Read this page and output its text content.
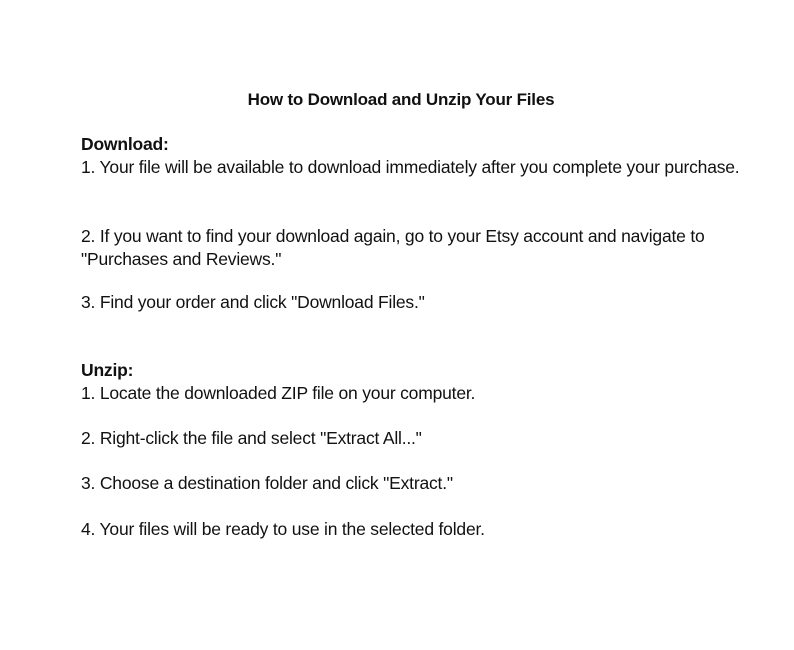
How to Download and Unzip Your Files

Download:

1. Your file will be available to download immediately after you complete your purchase.

2. If you want to find your download again, go to your Etsy account and navigate to "Purchases and Reviews."

3. Find your order and click "Download Files."

Unzip:

1. Locate the downloaded ZIP file on your computer.

2. Right-click the file and select "Extract All..."

3. Choose a destination folder and click "Extract."

4. Your files will be ready to use in the selected folder.
